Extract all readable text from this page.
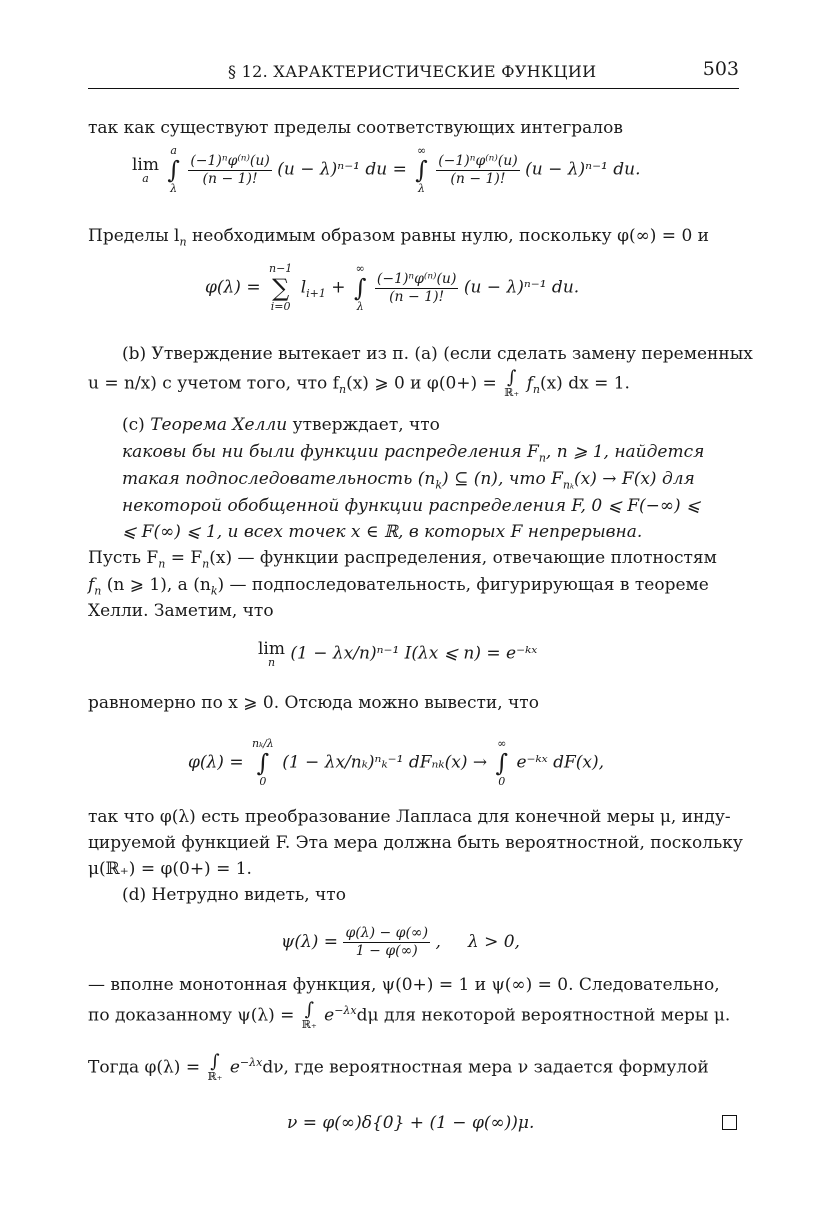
§ 12. ХАРАКТЕРИСТИЧЕСКИЕ ФУНКЦИИ	503
так как существуют пределы соответствующих интегралов
lim
a

a
∫
λ

$\frac{\text{(−1)ⁿφ⁽ⁿ⁾(u)}}{(n - 1)!} (u - \lambda)^{n-1}$ du =
∞
∫
λ

$\frac{\text{(−1)ⁿφ⁽ⁿ⁾(u)}}{(n - 1)!} (u - \lambda)^{n-1}$ du.
Пределы $l_n$ необходимым образом равны нулю, поскольку φ(∞) = 0 и
φ(λ) =
n−1
∑
i=0
$l_{i+1}$ +
∞
∫
λ

$\frac{\text{(−1)ⁿφ⁽ⁿ⁾(u)}}{(n - 1)!} (u - \lambda)^{n-1}$ du.
(b) Утверждение вытекает из п. (a) (если сделать замену переменных
u = n/x) с учетом того, что $f_n(x)$ ⩾ 0 и φ(0+) = ∫
ℝ₊ $f_n(x)$ dx = 1.
(c) Теорема Хелли утверждает, что
каковы бы ни были функции распределения $F_n$, n ⩾ 1, найдется
такая подпоследовательность $(n_k)$ ⊆ (n), что $F_{n_k}(x) \to F(x)$ для
некоторой обобщенной функции распределения F, 0 ⩽ F(−∞) ⩽
⩽ F(∞) ⩽ 1, и всех точек x ∈ ℝ, в которых F непрерывна.
Пусть $F_n = F_n(x)$ — функции распределения, отвечающие плотностям
$f_n$ (n ⩾ 1), а $(n_k)$ — подпоследовательность, фигурирующая в теореме
Хелли. Заметим, что
lim
n (1 − λx/n)ⁿ⁻¹ I(λx ⩽ n) = e⁻ᵏˣ
равномерно по x ⩾ 0. Отсюда можно вывести, что
φ(λ) =
nₖ/λ
∫
0
(1 − λx/nₖ)ⁿₖ⁻¹ dFₙₖ(x) →
∞
∫
0
e⁻ᵏˣ dF(x),
так что φ(λ) есть преобразование Лапласа для конечной меры μ, инду-
цируемой функцией F. Эта мера должна быть вероятностной, поскольку
μ(ℝ₊) = φ(0+) = 1.
(d) Нетрудно видеть, что
$\psi(\lambda) = \frac{\varphi(\lambda) - \varphi(\infty)}{1 - \varphi(\infty)}$ ,     λ > 0,
— вполне монотонная функция, ψ(0+) = 1 и ψ(∞) = 0. Следовательно,
по доказанному ψ(λ) = ∫
ℝ₊ $e^{-\lambda x}d\mu$ для некоторой вероятностной меры μ.
Тогда φ(λ) = ∫
ℝ₊ $e^{-\lambda x}d\nu$, где вероятностная мера ν задается формулой
ν = φ(∞)δ{0} + (1 − φ(∞))μ.
